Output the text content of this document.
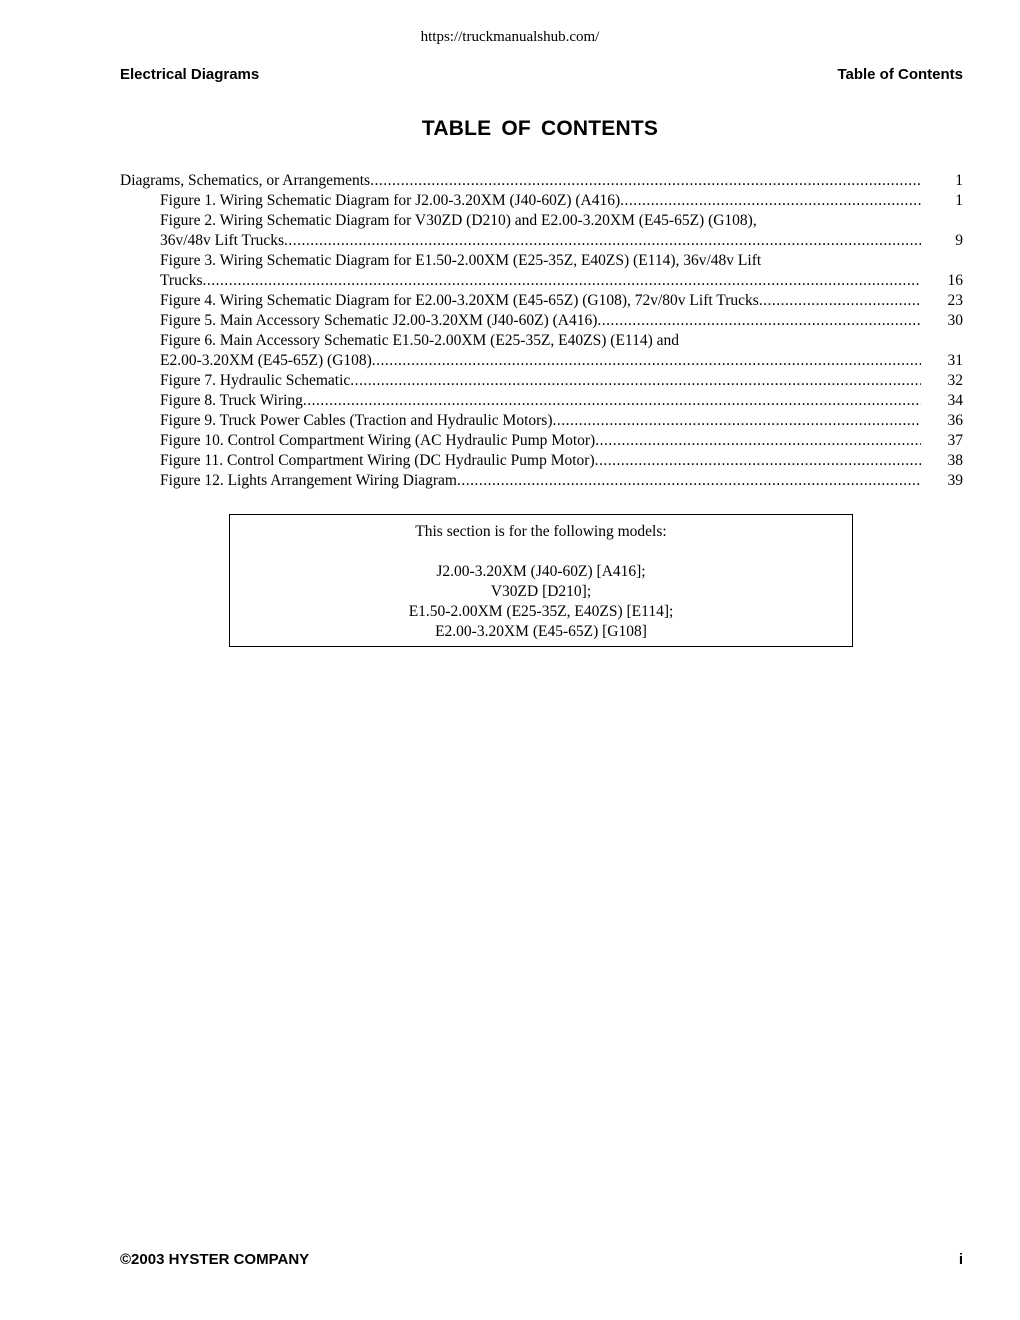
https://truckmanualshub.com/
Electrical Diagrams	Table of Contents
TABLE OF CONTENTS
Diagrams, Schematics, or Arrangements .....	1
Figure 1. Wiring Schematic Diagram for J2.00-3.20XM (J40-60Z) (A416) .....	1
Figure 2. Wiring Schematic Diagram for V30ZD (D210) and E2.00-3.20XM (E45-65Z) (G108),
36v/48v Lift Trucks .....	9
Figure 3. Wiring Schematic Diagram for E1.50-2.00XM (E25-35Z, E40ZS) (E114), 36v/48v Lift
Trucks .....	16
Figure 4. Wiring Schematic Diagram for E2.00-3.20XM (E45-65Z) (G108), 72v/80v Lift Trucks .....	23
Figure 5. Main Accessory Schematic J2.00-3.20XM (J40-60Z) (A416) .....	30
Figure 6. Main Accessory Schematic E1.50-2.00XM (E25-35Z, E40ZS) (E114) and
E2.00-3.20XM (E45-65Z) (G108) .....	31
Figure 7. Hydraulic Schematic .....	32
Figure 8. Truck Wiring .....	34
Figure 9. Truck Power Cables (Traction and Hydraulic Motors) .....	36
Figure 10. Control Compartment Wiring (AC Hydraulic Pump Motor) .....	37
Figure 11. Control Compartment Wiring (DC Hydraulic Pump Motor) .....	38
Figure 12. Lights Arrangement Wiring Diagram .....	39
This section is for the following models:
J2.00-3.20XM (J40-60Z) [A416];
V30ZD [D210];
E1.50-2.00XM (E25-35Z, E40ZS) [E114];
E2.00-3.20XM (E45-65Z) [G108]
©2003 HYSTER COMPANY	i
